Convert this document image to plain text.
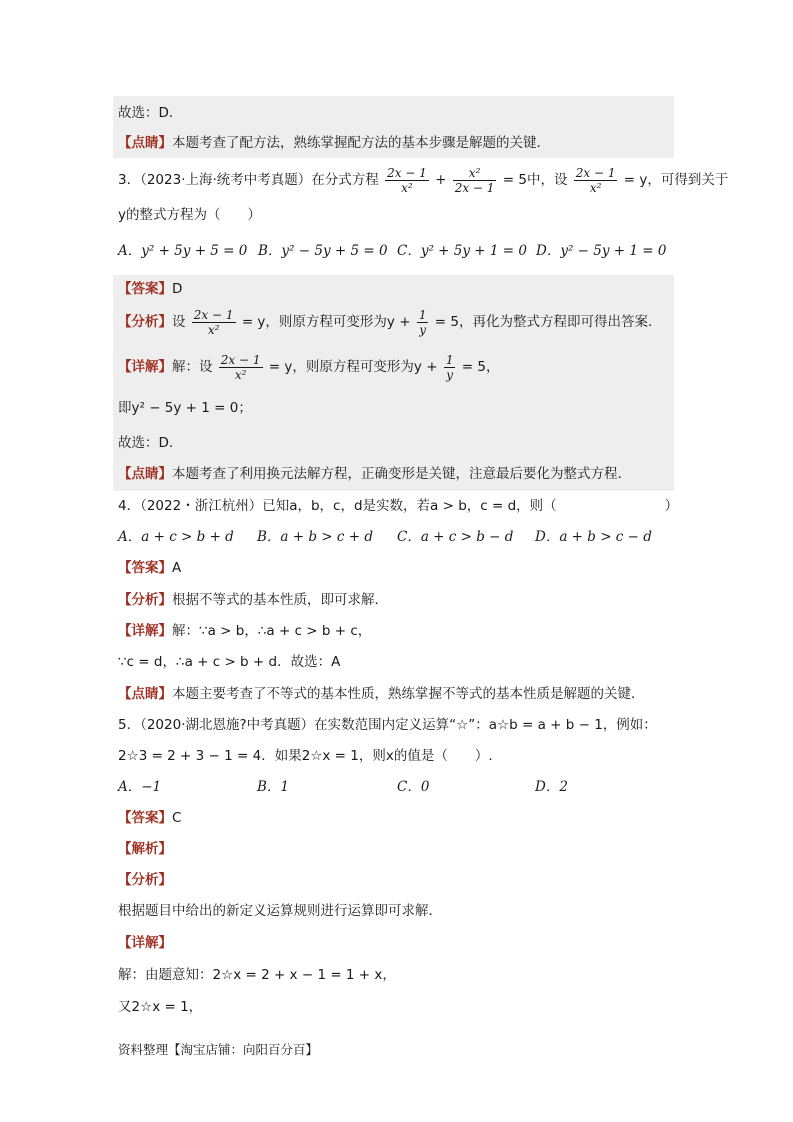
故选：D．
【点睛】本题考查了配方法，熟练掌握配方法的基本步骤是解题的关键．
3．（2023·上海·统考中考真题）在分式方程 $\frac{2x - 1}{\text{x²}} + \frac{\text{x²}}{2x - 1} = 5$中，设 $\frac{2x - 1}{\text{x²}} = y$，可得到关于
y的整式方程为（　　）
A．y² + 5y + 5 = 0 B．y² − 5y + 5 = 0 C．y² + 5y + 1 = 0 D．y² − 5y + 1 = 0
【答案】D
【分析】设 $\frac{2x - 1}{\text{x²}} = y$，则原方程可变形为$y + \frac{1}{y} = 5$，再化为整式方程即可得出答案.
【详解】解：设 $\frac{2x - 1}{\text{x²}} = y$，则原方程可变形为$y + \frac{1}{y} = 5$，
即y² − 5y + 1 = 0；
故选：D.
【点睛】本题考查了利用换元法解方程，正确变形是关键，注意最后要化为整式方程.
4．（2022・浙江杭州）已知a，b，c，d是实数，若a > b，c = d，则（　　　　　　　　）
A．a + c > b + d B．a + b > c + d C．a + c > b − d D．a + b > c − d
【答案】A
【分析】根据不等式的基本性质，即可求解．
【详解】解：∵a > b，∴a + c > b + c，
∵c = d，∴a + c > b + d．故选：A
【点睛】本题主要考查了不等式的基本性质，熟练掌握不等式的基本性质是解题的关键．
5．（2020·湖北恩施?中考真题）在实数范围内定义运算“☆”：a☆b = a + b − 1，例如：
2☆3 = 2 + 3 − 1 = 4．如果2☆x = 1，则x的值是（　　）.
A．−1	B．1	C．0	D．2
【答案】C
【解析】
【分析】
根据题目中给出的新定义运算规则进行运算即可求解．
【详解】
解：由题意知：2☆x = 2 + x − 1 = 1 + x，
又2☆x = 1，
资料整理【淘宝店铺：向阳百分百】
